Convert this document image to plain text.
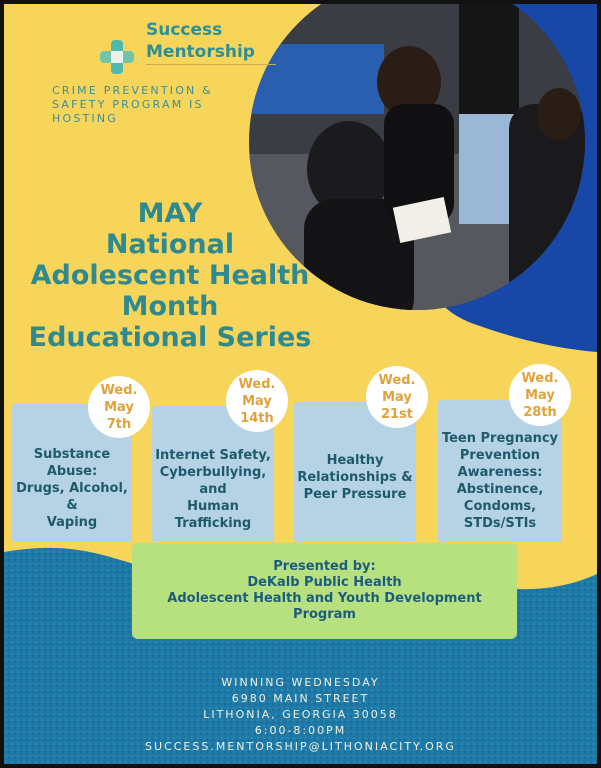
Success
Mentorship
CRIME PREVENTION &
SAFETY PROGRAM IS
HOSTING
MAY
National
Adolescent Health
Month
Educational Series
Substance Abuse:
Drugs, Alcohol, &
Vaping
Internet Safety,
Cyberbullying, and
Human Trafficking
Healthy
Relationships &
Peer Pressure
Teen Pregnancy
Prevention
Awareness:
Abstinence,
Condoms,
STDs/STIs
Wed.
May
7th
Wed.
May
14th
Wed.
May
21st
Wed.
May
28th
Presented by:
DeKalb Public Health
Adolescent Health and Youth Development
Program
WINNING WEDNESDAY
6980 MAIN STREET
LITHONIA, GEORGIA 30058
6:00-8:00PM
SUCCESS.MENTORSHIP@LITHONIACITY.ORG
